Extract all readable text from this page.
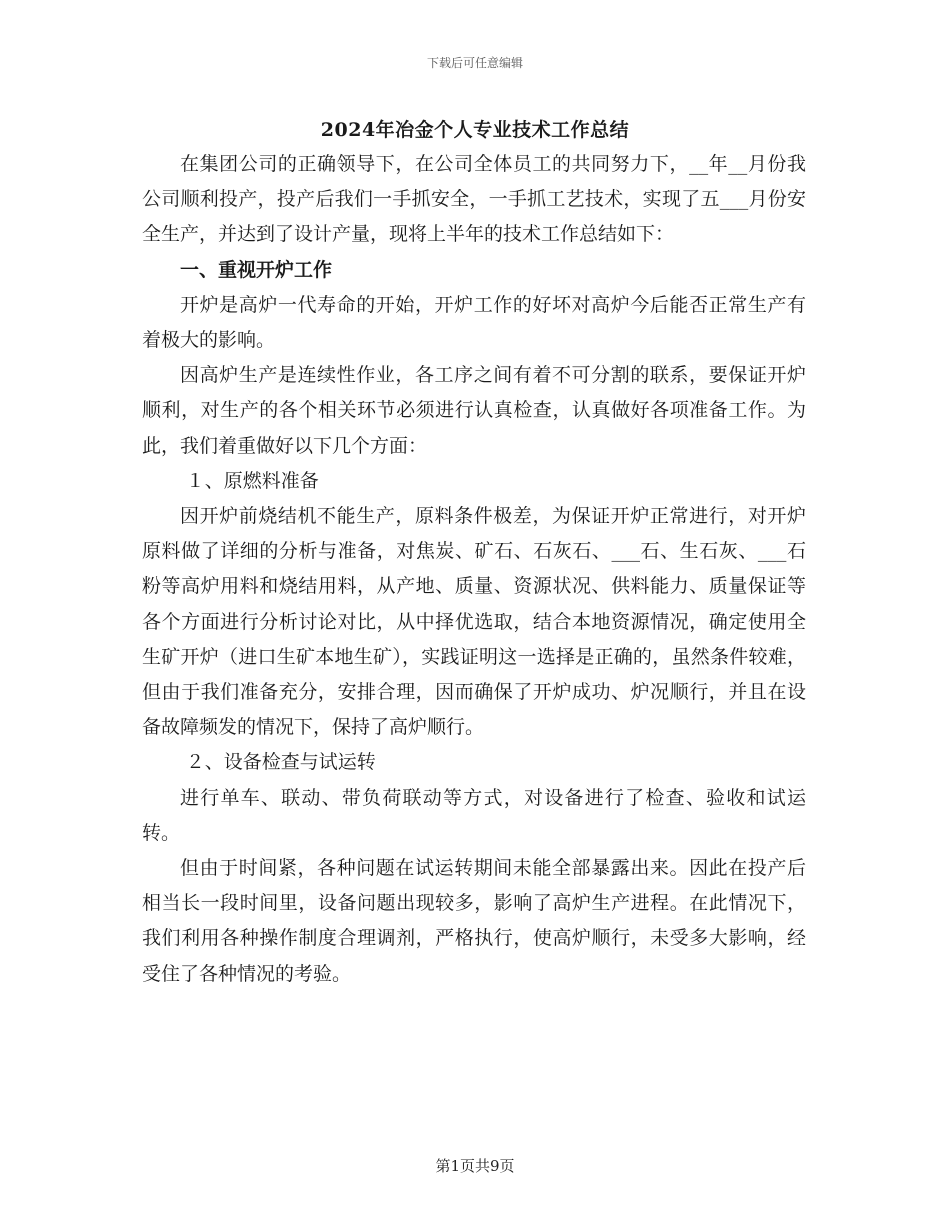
下载后可任意编辑
2024年冶金个人专业技术工作总结

在集团公司的正确领导下，在公司全体员工的共同努力下，__年__月份我公司顺利投产，投产后我们一手抓安全，一手抓工艺技术，实现了五___月份安全生产，并达到了设计产量，现将上半年的技术工作总结如下：

一、重视开炉工作

开炉是高炉一代寿命的开始，开炉工作的好坏对高炉今后能否正常生产有着极大的影响。

因高炉生产是连续性作业，各工序之间有着不可分割的联系，要保证开炉顺利，对生产的各个相关环节必须进行认真检查，认真做好各项准备工作。为此，我们着重做好以下几个方面：

１、原燃料准备

因开炉前烧结机不能生产，原料条件极差，为保证开炉正常进行，对开炉原料做了详细的分析与准备，对焦炭、矿石、石灰石、___石、生石灰、___石粉等高炉用料和烧结用料，从产地、质量、资源状况、供料能力、质量保证等各个方面进行分析讨论对比，从中择优选取，结合本地资源情况，确定使用全生矿开炉（进口生矿本地生矿），实践证明这一选择是正确的，虽然条件较难，但由于我们准备充分，安排合理，因而确保了开炉成功、炉况顺行，并且在设备故障频发的情况下，保持了高炉顺行。

２、设备检查与试运转

进行单车、联动、带负荷联动等方式，对设备进行了检查、验收和试运转。

但由于时间紧，各种问题在试运转期间未能全部暴露出来。因此在投产后相当长一段时间里，设备问题出现较多，影响了高炉生产进程。在此情况下，我们利用各种操作制度合理调剂，严格执行，使高炉顺行，未受多大影响，经受住了各种情况的考验。

第1页共9页
